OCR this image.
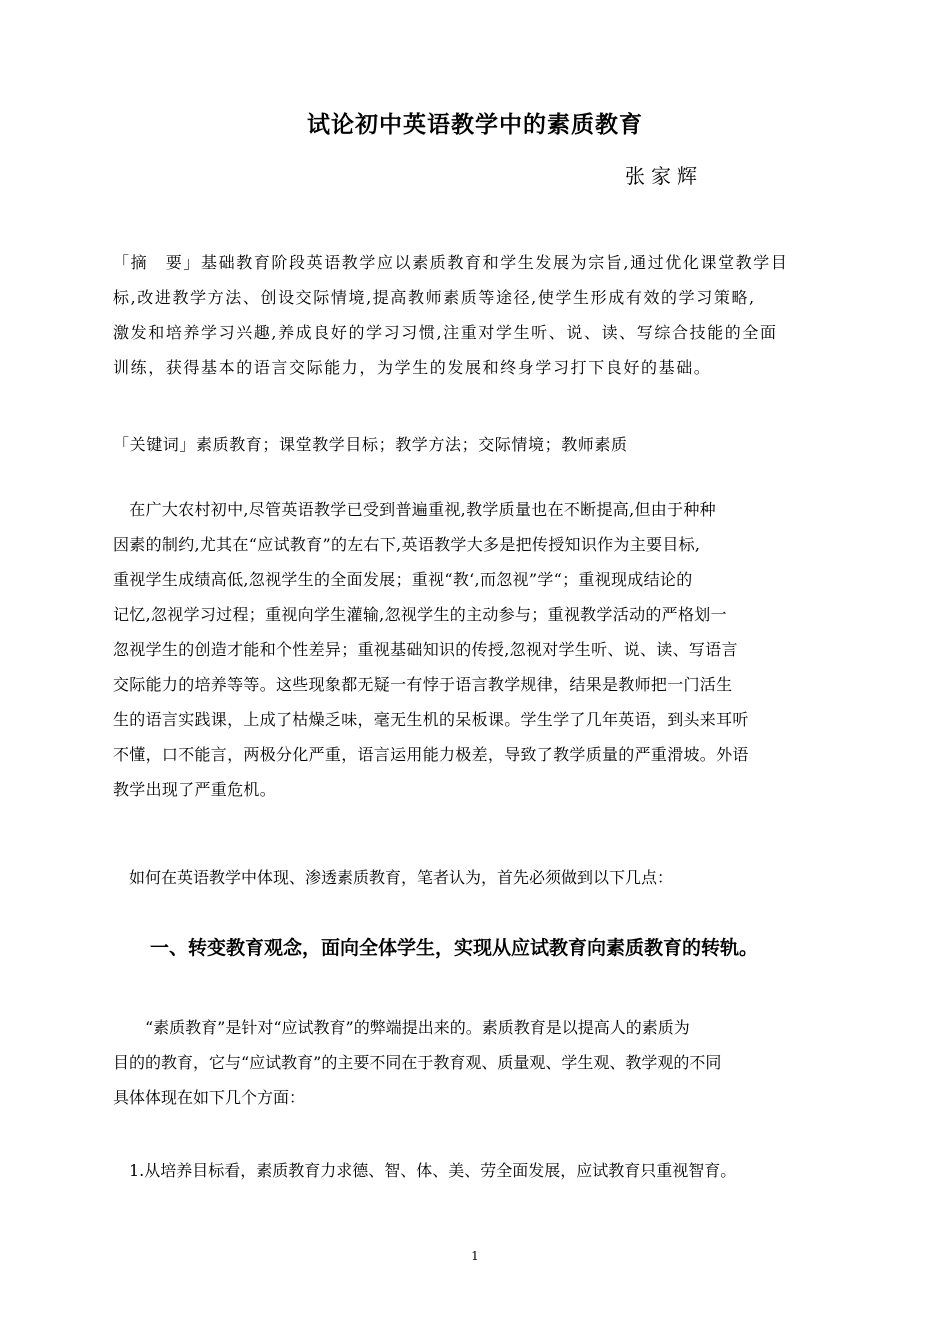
试论初中英语教学中的素质教育
张家辉
「摘　要」基础教育阶段英语教学应以素质教育和学生发展为宗旨,通过优化课堂教学目
标,改进教学方法、创设交际情境,提高教师素质等途径,使学生形成有效的学习策略,
激发和培养学习兴趣,养成良好的学习习惯,注重对学生听、说、读、写综合技能的全面
训练，获得基本的语言交际能力，为学生的发展和终身学习打下良好的基础。
「关键词」素质教育；课堂教学目标；教学方法；交际情境；教师素质
　在广大农村初中,尽管英语教学已受到普遍重视,教学质量也在不断提高,但由于种种
因素的制约,尤其在“应试教育”的左右下,英语教学大多是把传授知识作为主要目标,
重视学生成绩高低,忽视学生的全面发展；重视“教‘,而忽视”学“；重视现成结论的
记忆,忽视学习过程；重视向学生灌输,忽视学生的主动参与；重视教学活动的严格划一
忽视学生的创造才能和个性差异；重视基础知识的传授,忽视对学生听、说、读、写语言
交际能力的培养等等。这些现象都无疑一有悖于语言教学规律，结果是教师把一门活生
生的语言实践课，上成了枯燥乏味，毫无生机的呆板课。学生学了几年英语，到头来耳听
不懂，口不能言，两极分化严重，语言运用能力极差，导致了教学质量的严重滑坡。外语
教学出现了严重危机。
　如何在英语教学中体现、渗透素质教育，笔者认为，首先必须做到以下几点：
一、转变教育观念，面向全体学生，实现从应试教育向素质教育的转轨。
　　“素质教育”是针对“应试教育”的弊端提出来的。素质教育是以提高人的素质为
目的的教育，它与“应试教育”的主要不同在于教育观、质量观、学生观、教学观的不同
具体体现在如下几个方面：
　1.从培养目标看，素质教育力求德、智、体、美、劳全面发展，应试教育只重视智育。
1
